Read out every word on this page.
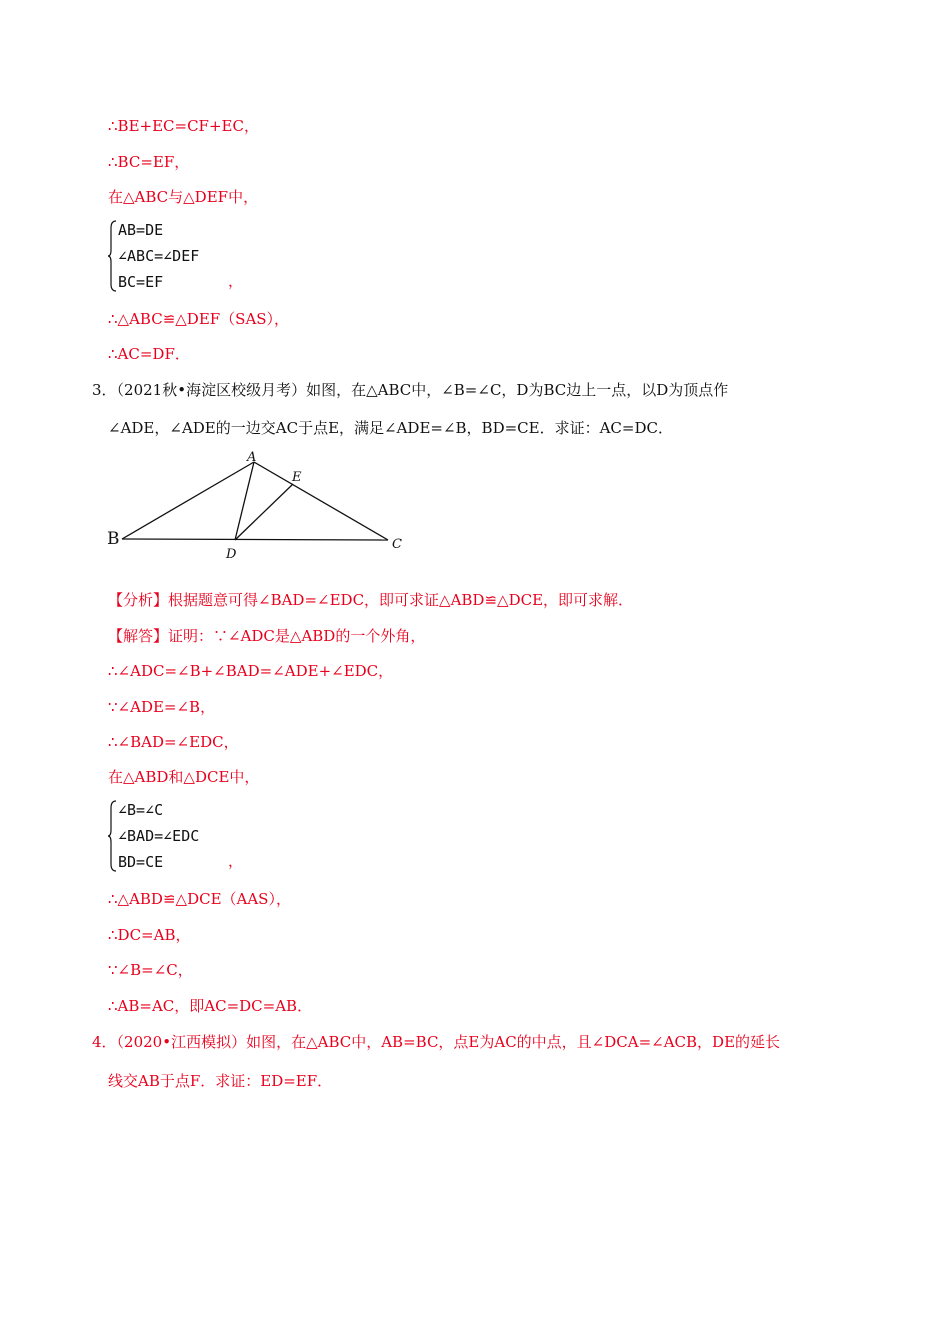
∴BE+EC=CF+EC，
∴BC=EF，
在△ABC与△DEF中，
AB=DE
∠ABC=∠DEF
BC=EF	，
∴△ABC≌△DEF（SAS），
∴AC=DF．
3．（2021秋•海淀区校级月考）如图，在△ABC中，∠B=∠C，D为BC边上一点，以D为顶点作
∠ADE，∠ADE的一边交AC于点E，满足∠ADE=∠B，BD=CE．求证：AC=DC．
A
E
B
D
C
【分析】根据题意可得∠BAD=∠EDC，即可求证△ABD≌△DCE，即可求解．
【解答】证明：∵∠ADC是△ABD的一个外角，
∴∠ADC=∠B+∠BAD=∠ADE+∠EDC，
∵∠ADE=∠B，
∴∠BAD=∠EDC，
在△ABD和△DCE中，
∠B=∠C
∠BAD=∠EDC
BD=CE	，
∴△ABD≌△DCE（AAS），
∴DC=AB，
∵∠B=∠C，
∴AB=AC，即AC=DC=AB．
4．（2020•江西模拟）如图，在△ABC中，AB=BC，点E为AC的中点，且∠DCA=∠ACB，DE的延长
线交AB于点F．求证：ED=EF．
